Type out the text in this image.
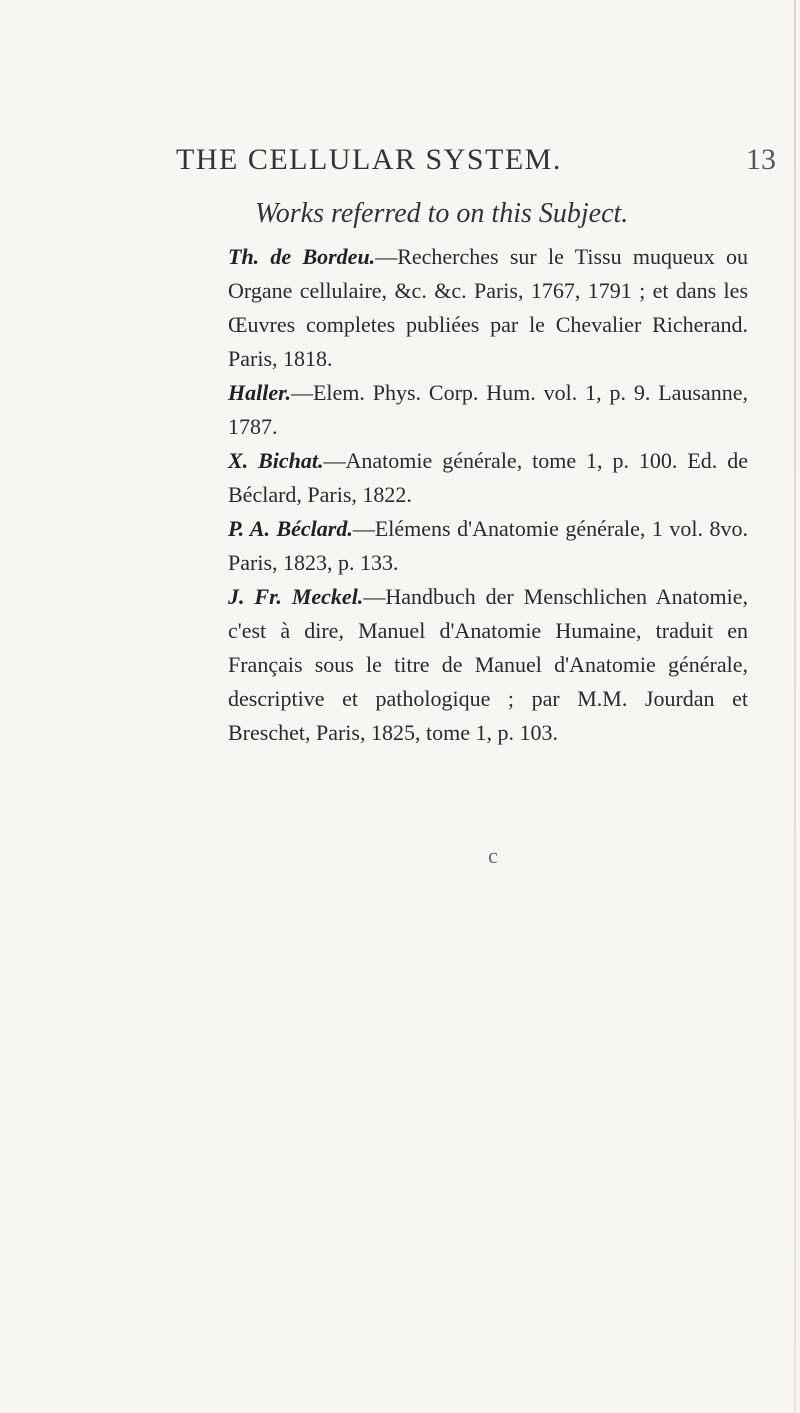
THE CELLULAR SYSTEM.	13
Works referred to on this Subject.

Th. de Bordeu.—Recherches sur le Tissu muqueux ou Organe cellulaire, &c. &c. Paris, 1767, 1791 ; et dans les Œuvres completes publiées par le Chevalier Richerand. Paris, 1818.

Haller.—Elem. Phys. Corp. Hum. vol. 1, p. 9. Lausanne, 1787.

X. Bichat.—Anatomie générale, tome 1, p. 100. Ed. de Béclard, Paris, 1822.

P. A. Béclard.—Elémens d'Anatomie générale, 1 vol. 8vo. Paris, 1823, p. 133.

J. Fr. Meckel.—Handbuch der Menschlichen Anatomie, c'est à dire, Manuel d'Anatomie Humaine, traduit en Français sous le titre de Manuel d'Anatomie générale, descriptive et pathologique ; par M.M. Jourdan et Breschet, Paris, 1825, tome 1, p. 103.

c
